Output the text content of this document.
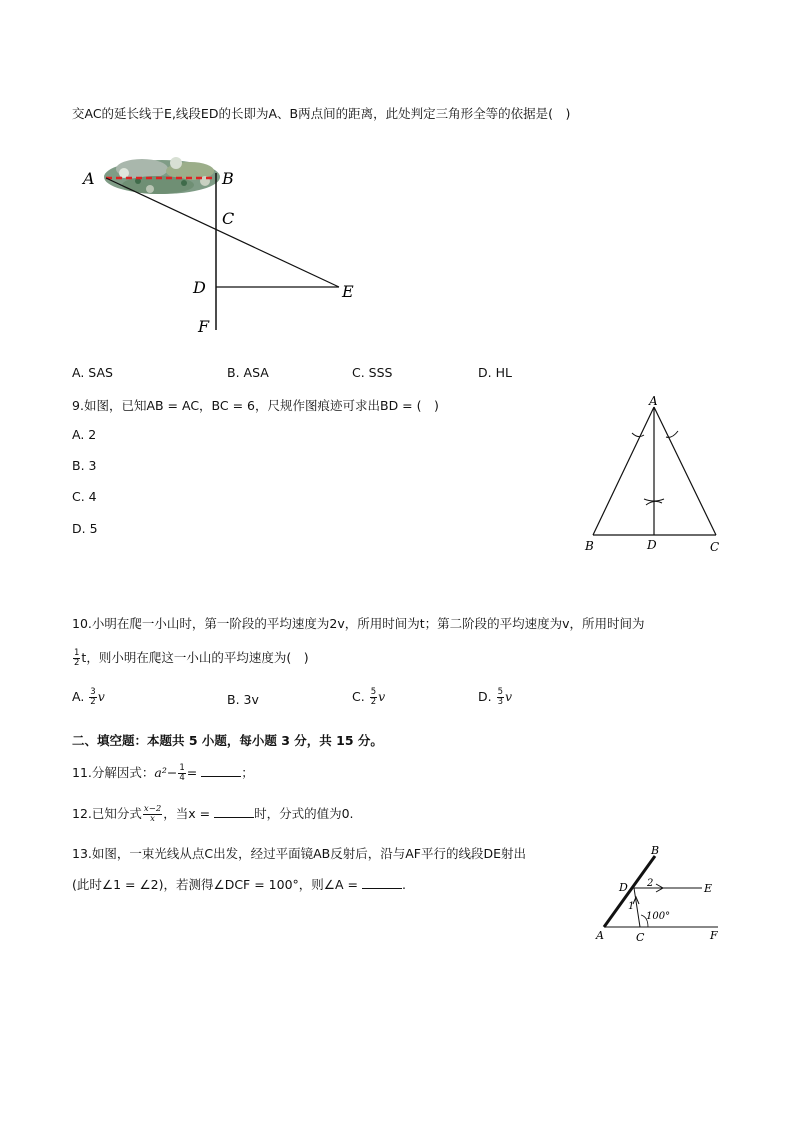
交AC的延长线于E,线段ED的长即为A、B两点间的距离，此处判定三角形全等的依据是(　)
A	B
C
D	E
F
A. SAS	B. ASA	C. SSS	D. HL
9.如图，已知AB = AC，BC = 6，尺规作图痕迹可求出BD = (　)
A. 2
B. 3
C. 4
D. 5
A
B	D	C
10.小明在爬一小山时，第一阶段的平均速度为2v，所用时间为t；第二阶段的平均速度为v，所用时间为
$\frac{1}{2}$ t，则小明在爬这一小山的平均速度为(　)
A. $\frac{3}{2}$ v	B. 3v	C. $\frac{5}{2}$ v	D. $\frac{5}{3}$ v
二、填空题：本题共 5 小题，每小题 3 分，共 15 分。
11.分解因式：$a^2- \frac{1}{4}$ =	；
12.已知分式 $\frac{x-2}{x}$ ，当x =	时，分式的值为0.
13.如图，一束光线从点C出发，经过平面镜AB反射后，沿与AF平行的线段DE射出
(此时∠1 = ∠2)，若测得∠DCF = 100°，则∠A =	.
B
D 2	E
1
100°
A	C	F
